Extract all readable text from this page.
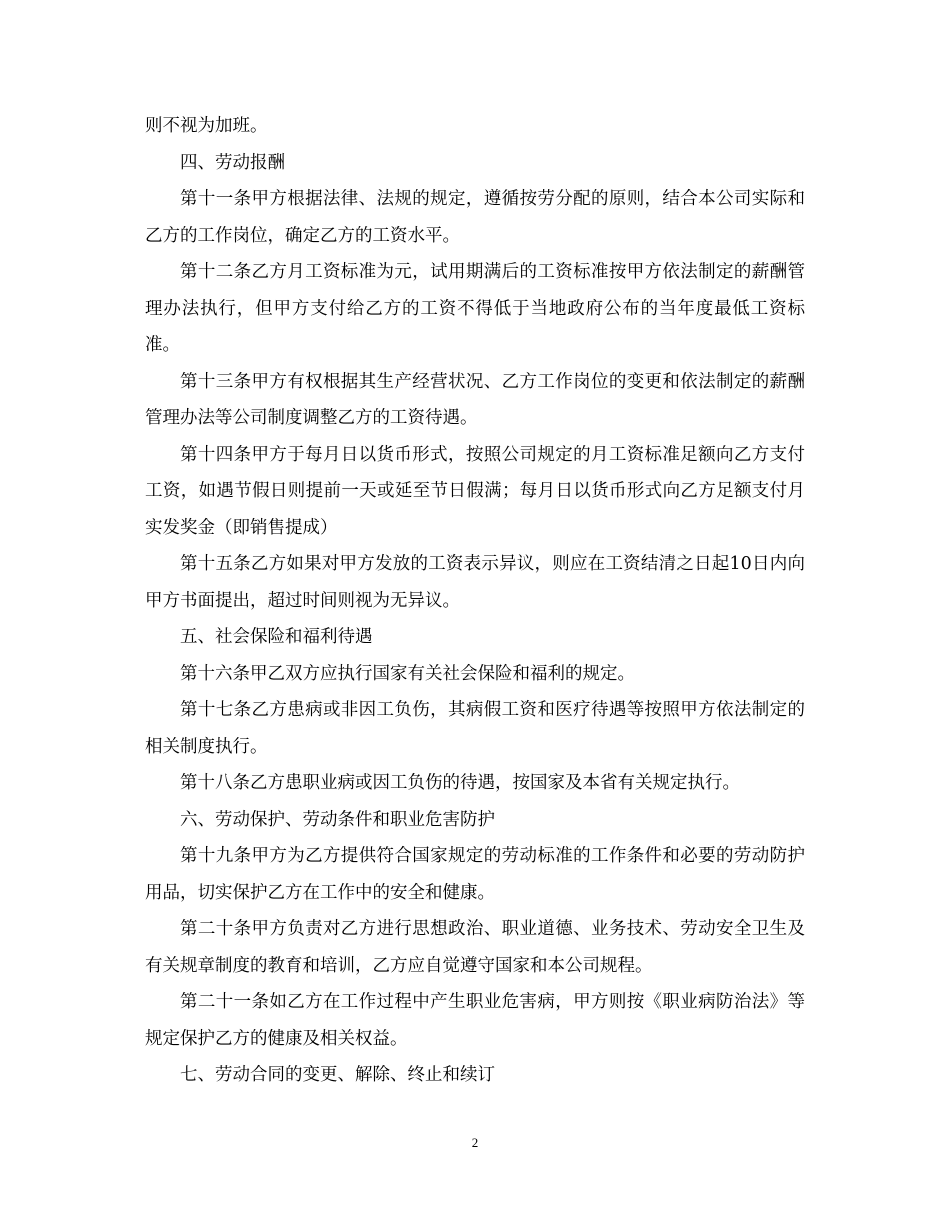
则不视为加班。

四、劳动报酬

第十一条甲方根据法律、法规的规定，遵循按劳分配的原则，结合本公司实际和乙方的工作岗位，确定乙方的工资水平。

第十二条乙方月工资标准为元，试用期满后的工资标准按甲方依法制定的薪酬管理办法执行，但甲方支付给乙方的工资不得低于当地政府公布的当年度最低工资标准。

第十三条甲方有权根据其生产经营状况、乙方工作岗位的变更和依法制定的薪酬管理办法等公司制度调整乙方的工资待遇。

第十四条甲方于每月日以货币形式，按照公司规定的月工资标准足额向乙方支付工资，如遇节假日则提前一天或延至节日假满；每月日以货币形式向乙方足额支付月实发奖金（即销售提成）

第十五条乙方如果对甲方发放的工资表示异议，则应在工资结清之日起10日内向甲方书面提出，超过时间则视为无异议。

五、社会保险和福利待遇

第十六条甲乙双方应执行国家有关社会保险和福利的规定。

第十七条乙方患病或非因工负伤，其病假工资和医疗待遇等按照甲方依法制定的相关制度执行。

第十八条乙方患职业病或因工负伤的待遇，按国家及本省有关规定执行。

六、劳动保护、劳动条件和职业危害防护

第十九条甲方为乙方提供符合国家规定的劳动标准的工作条件和必要的劳动防护用品，切实保护乙方在工作中的安全和健康。

第二十条甲方负责对乙方进行思想政治、职业道德、业务技术、劳动安全卫生及有关规章制度的教育和培训，乙方应自觉遵守国家和本公司规程。

第二十一条如乙方在工作过程中产生职业危害病，甲方则按《职业病防治法》等规定保护乙方的健康及相关权益。

七、劳动合同的变更、解除、终止和续订

2
